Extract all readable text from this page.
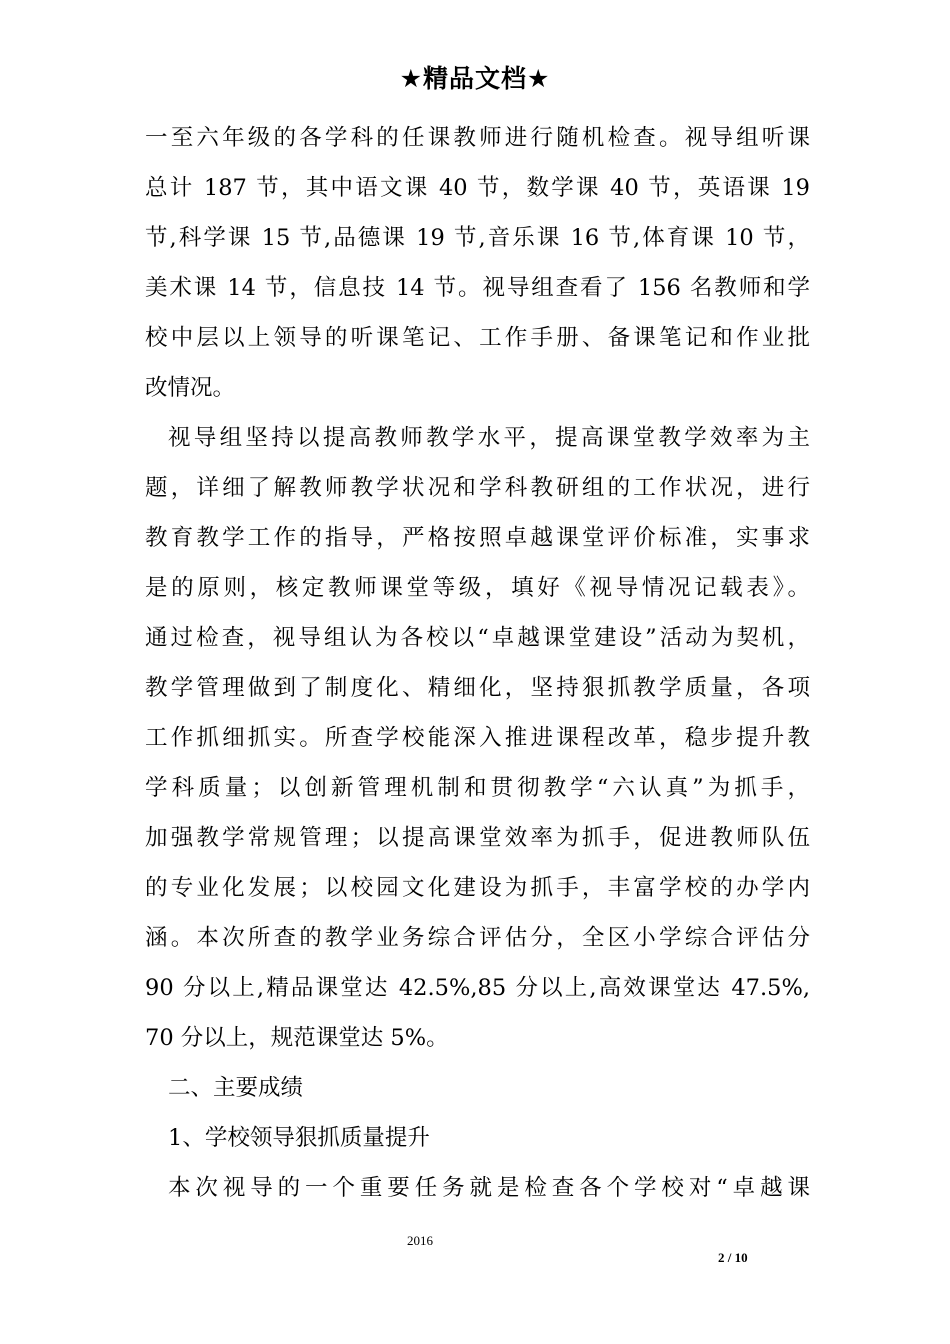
★精品文档★
一至六年级的各学科的任课教师进行随机检查。视导组听课
总计 187 节，其中语文课 40 节，数学课 40 节，英语课 19
节,科学课 15 节,品德课 19 节,音乐课 16 节,体育课 10 节，
美术课 14 节，信息技 14 节。视导组查看了 156 名教师和学
校中层以上领导的听课笔记、工作手册、备课笔记和作业批
改情况。
视导组坚持以提高教师教学水平，提高课堂教学效率为主
题，详细了解教师教学状况和学科教研组的工作状况，进行
教育教学工作的指导，严格按照卓越课堂评价标准，实事求
是的原则，核定教师课堂等级，填好《视导情况记载表》。
通过检查，视导组认为各校以“卓越课堂建设”活动为契机，
教学管理做到了制度化、精细化，坚持狠抓教学质量，各项
工作抓细抓实。所查学校能深入推进课程改革，稳步提升教
学科质量；以创新管理机制和贯彻教学“六认真”为抓手，
加强教学常规管理；以提高课堂效率为抓手，促进教师队伍
的专业化发展；以校园文化建设为抓手，丰富学校的办学内
涵。本次所查的教学业务综合评估分，全区小学综合评估分
90 分以上,精品课堂达 42.5%,85 分以上,高效课堂达 47.5%,
70 分以上，规范课堂达 5%。
二、主要成绩
1、学校领导狠抓质量提升
本次视导的一个重要任务就是检查各个学校对“卓越课
2016
2 / 10
